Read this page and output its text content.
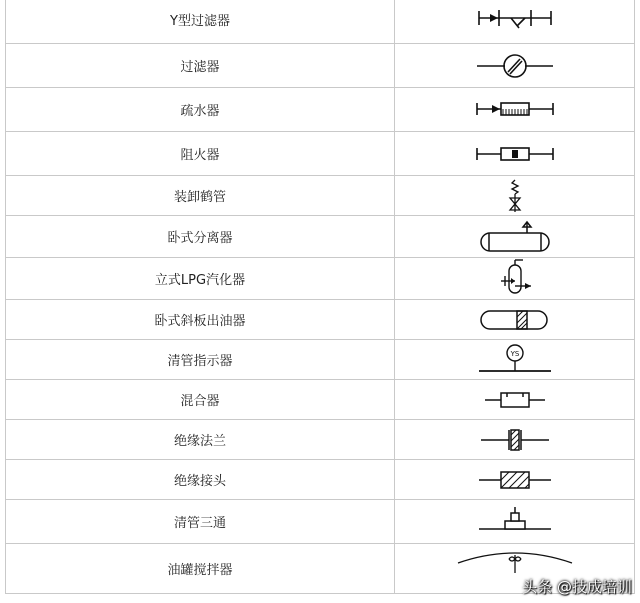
Y型过滤器	

过滤器	

疏水器	

阻火器	

装卸鹤管	

卧式分离器	

立式LPG汽化器	

卧式斜板出油器	

清管指示器	YS

混合器	

绝缘法兰	

绝缘接头	

清管三通	

油罐搅拌器	
头条 @技成培训
